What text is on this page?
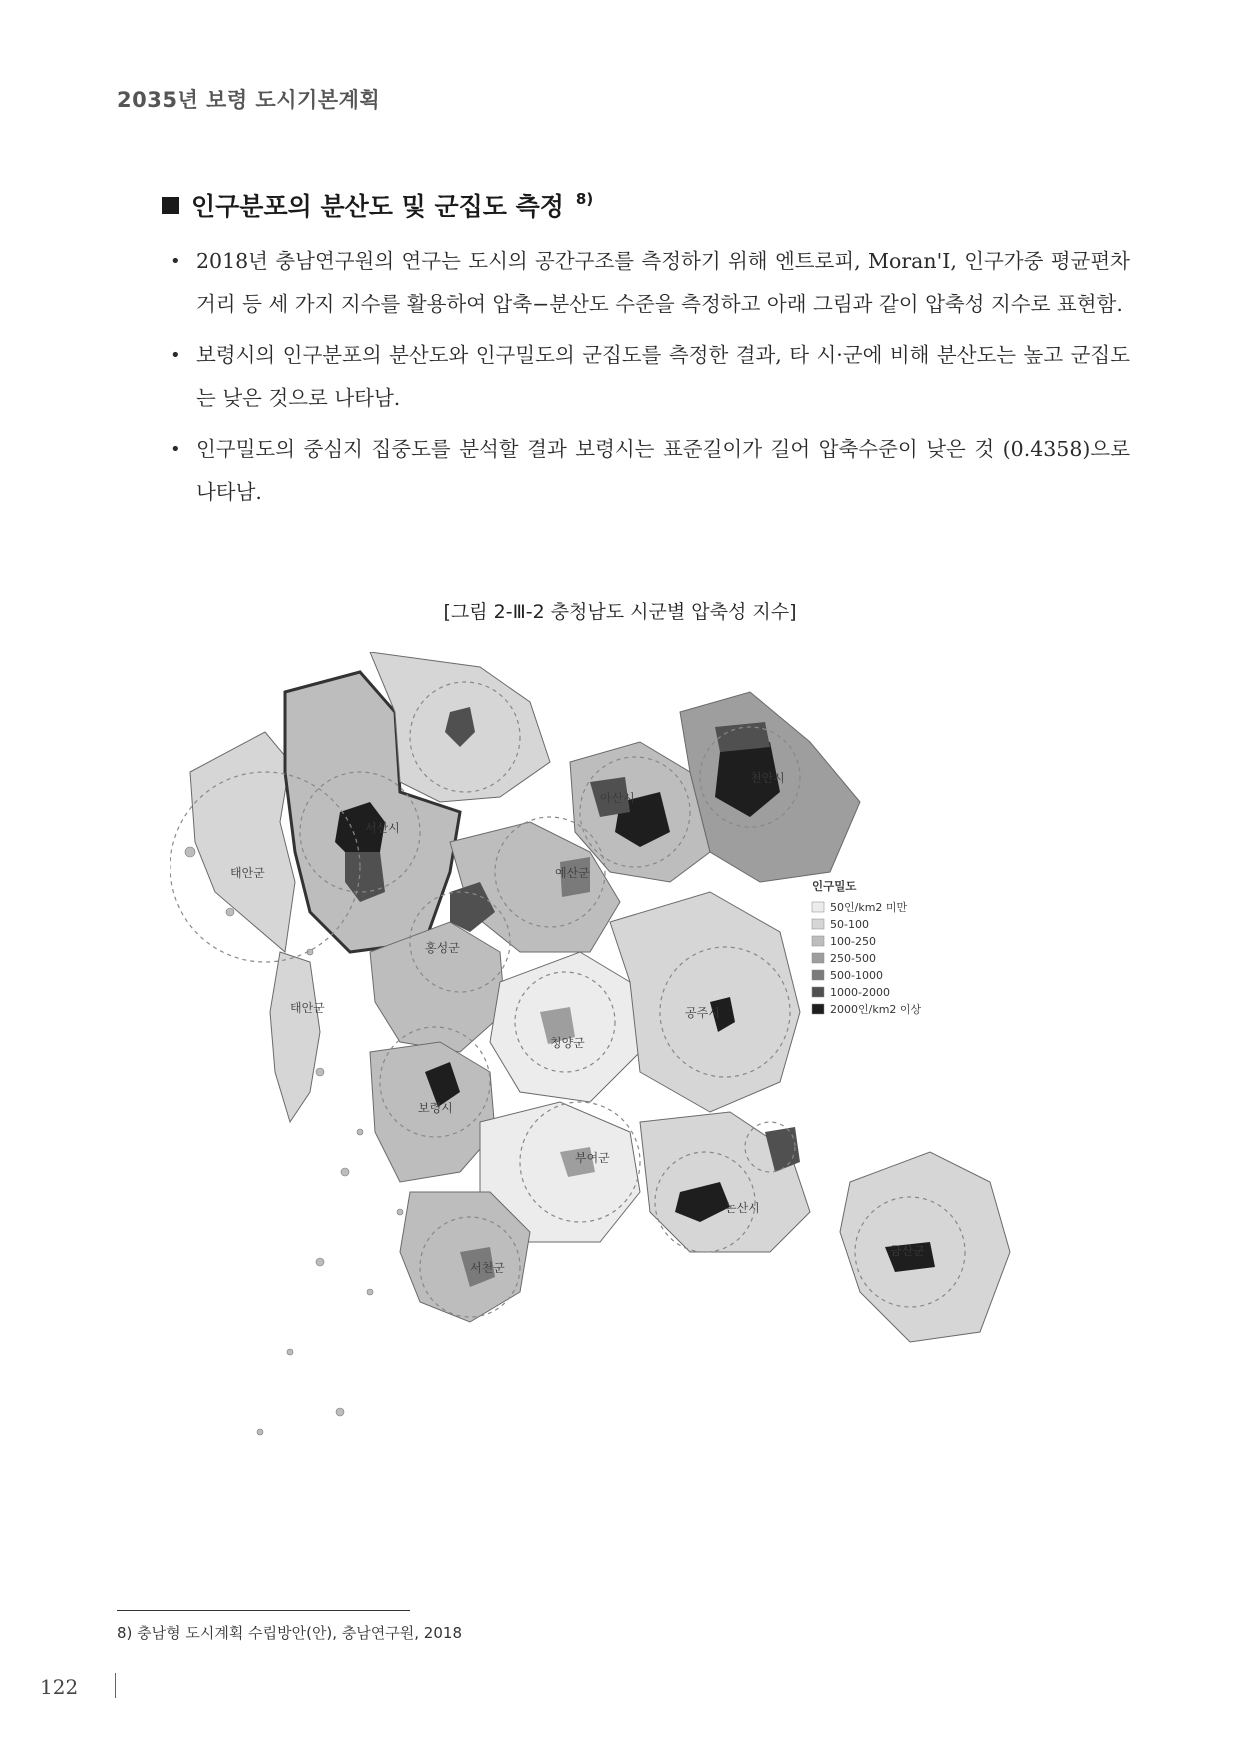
2035년 보령 도시기본계획
인구분포의 분산도 및 군집도 측정 $^{8)}$
• 2018년 충남연구원의 연구는 도시의 공간구조를 측정하기 위해 엔트로피, Moran'I, 인구가중 평균편차거리 등 세 가지 지수를 활용하여 압축−분산도 수준을 측정하고 아래 그림과 같이 압축성 지수로 표현함.
• 보령시의 인구분포의 분산도와 인구밀도의 군집도를 측정한 결과, 타 시·군에 비해 분산도는 높고 군집도는 낮은 것으로 나타남.
• 인구밀도의 중심지 집중도를 분석할 결과 보령시는 표준길이가 길어 압축수준이 낮은 것 (0.4358)으로 나타남.
[그림 2-Ⅲ-2 충청남도 시군별 압축성 지수]
태안군
서산시
아산시
천안시
예산군
홍성군
태안군
청양군
공주시
보령시
부여군
논산시
서천군
금산군
인구밀도
50인/km2 미만
50-100
100-250
250-500
500-1000
1000-2000
2000인/km2 이상
8) 충남형 도시계획 수립방안(안), 충남연구원, 2018
122
